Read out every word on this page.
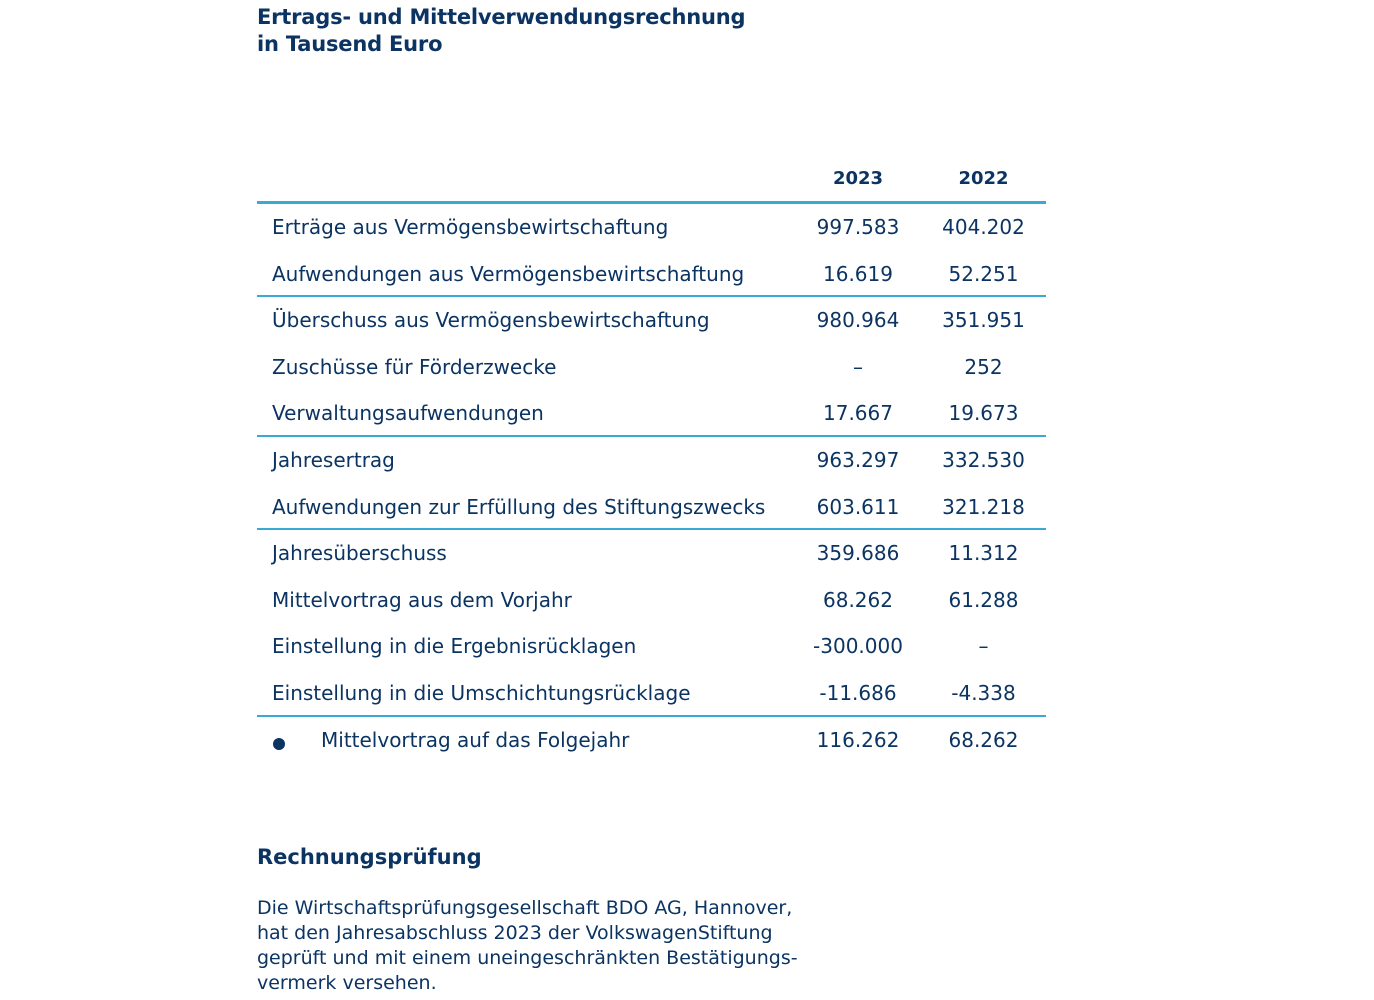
Ertrags- und Mittelverwendungsrechnung
in Tausend Euro
2023	2022
Erträge aus Vermögensbewirtschaftung	997.583	404.202
Aufwendungen aus Vermögensbewirtschaftung	16.619	52.251
Überschuss aus Vermögensbewirtschaftung	980.964	351.951
Zuschüsse für Förderzwecke	–	252
Verwaltungsaufwendungen	17.667	19.673
Jahresertrag	963.297	332.530
Aufwendungen zur Erfüllung des Stiftungszwecks	603.611	321.218
Jahresüberschuss	359.686	11.312
Mittelvortrag aus dem Vorjahr	68.262	61.288
Einstellung in die Ergebnisrücklagen	-300.000	–
Einstellung in die Umschichtungsrücklage	-11.686	-4.338
Mittelvortrag auf das Folgejahr	116.262	68.262
Rechnungsprüfung

Die Wirtschaftsprüfungsgesellschaft BDO AG, Hannover,
hat den Jahresabschluss 2023 der VolkswagenStiftung
geprüft und mit einem uneingeschränkten Bestätigungs-
vermerk versehen.
